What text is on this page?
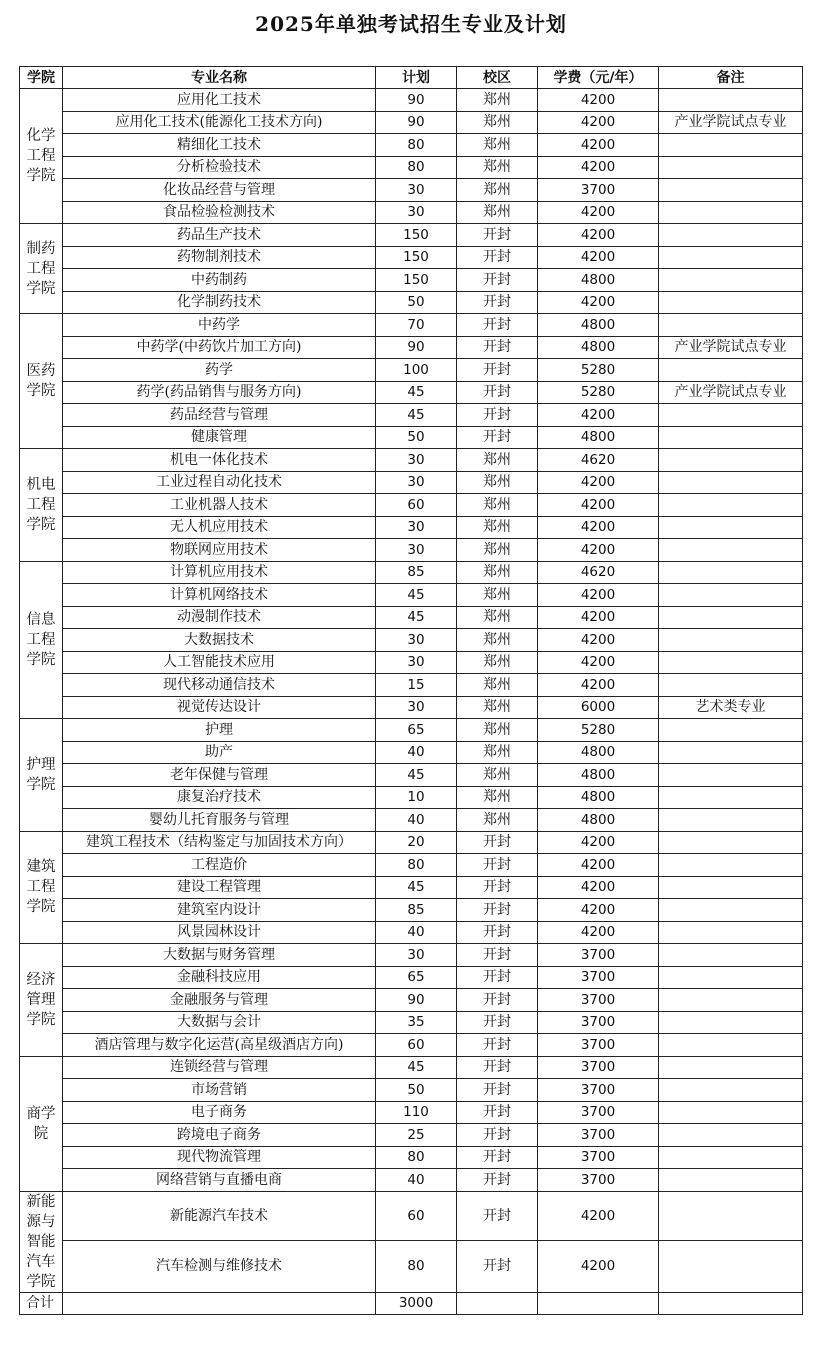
2025年单独考试招生专业及计划
学院	专业名称	计划	校区	学费（元/年）	备注
化学工程学院	应用化工技术	90	郑州	4200	
	应用化工技术(能源化工技术方向)	90	郑州	4200	产业学院试点专业
	精细化工技术	80	郑州	4200	
	分析检验技术	80	郑州	4200	
	化妆品经营与管理	30	郑州	3700	
	食品检验检测技术	30	郑州	4200	
制药工程学院	药品生产技术	150	开封	4200	
	药物制剂技术	150	开封	4200	
	中药制药	150	开封	4800	
	化学制药技术	50	开封	4200	
医药学院	中药学	70	开封	4800	
	中药学(中药饮片加工方向)	90	开封	4800	产业学院试点专业
	药学	100	开封	5280	
	药学(药品销售与服务方向)	45	开封	5280	产业学院试点专业
	药品经营与管理	45	开封	4200	
	健康管理	50	开封	4800	
机电工程学院	机电一体化技术	30	郑州	4620	
	工业过程自动化技术	30	郑州	4200	
	工业机器人技术	60	郑州	4200	
	无人机应用技术	30	郑州	4200	
	物联网应用技术	30	郑州	4200	
信息工程学院	计算机应用技术	85	郑州	4620	
	计算机网络技术	45	郑州	4200	
	动漫制作技术	45	郑州	4200	
	大数据技术	30	郑州	4200	
	人工智能技术应用	30	郑州	4200	
	现代移动通信技术	15	郑州	4200	
	视觉传达设计	30	郑州	6000	艺术类专业
护理学院	护理	65	郑州	5280	
	助产	40	郑州	4800	
	老年保健与管理	45	郑州	4800	
	康复治疗技术	10	郑州	4800	
	婴幼儿托育服务与管理	40	郑州	4800	
建筑工程学院	建筑工程技术（结构鉴定与加固技术方向）	20	开封	4200	
	工程造价	80	开封	4200	
	建设工程管理	45	开封	4200	
	建筑室内设计	85	开封	4200	
	风景园林设计	40	开封	4200	
经济管理学院	大数据与财务管理	30	开封	3700	
	金融科技应用	65	开封	3700	
	金融服务与管理	90	开封	3700	
	大数据与会计	35	开封	3700	
	酒店管理与数字化运营(高星级酒店方向)	60	开封	3700	
商学院	连锁经营与管理	45	开封	3700	
	市场营销	50	开封	3700	
	电子商务	110	开封	3700	
	跨境电子商务	25	开封	3700	
	现代物流管理	80	开封	3700	
	网络营销与直播电商	40	开封	3700	
新能源与智能汽车学院	新能源汽车技术	60	开封	4200	
	汽车检测与维修技术	80	开封	4200	
合计		3000			
